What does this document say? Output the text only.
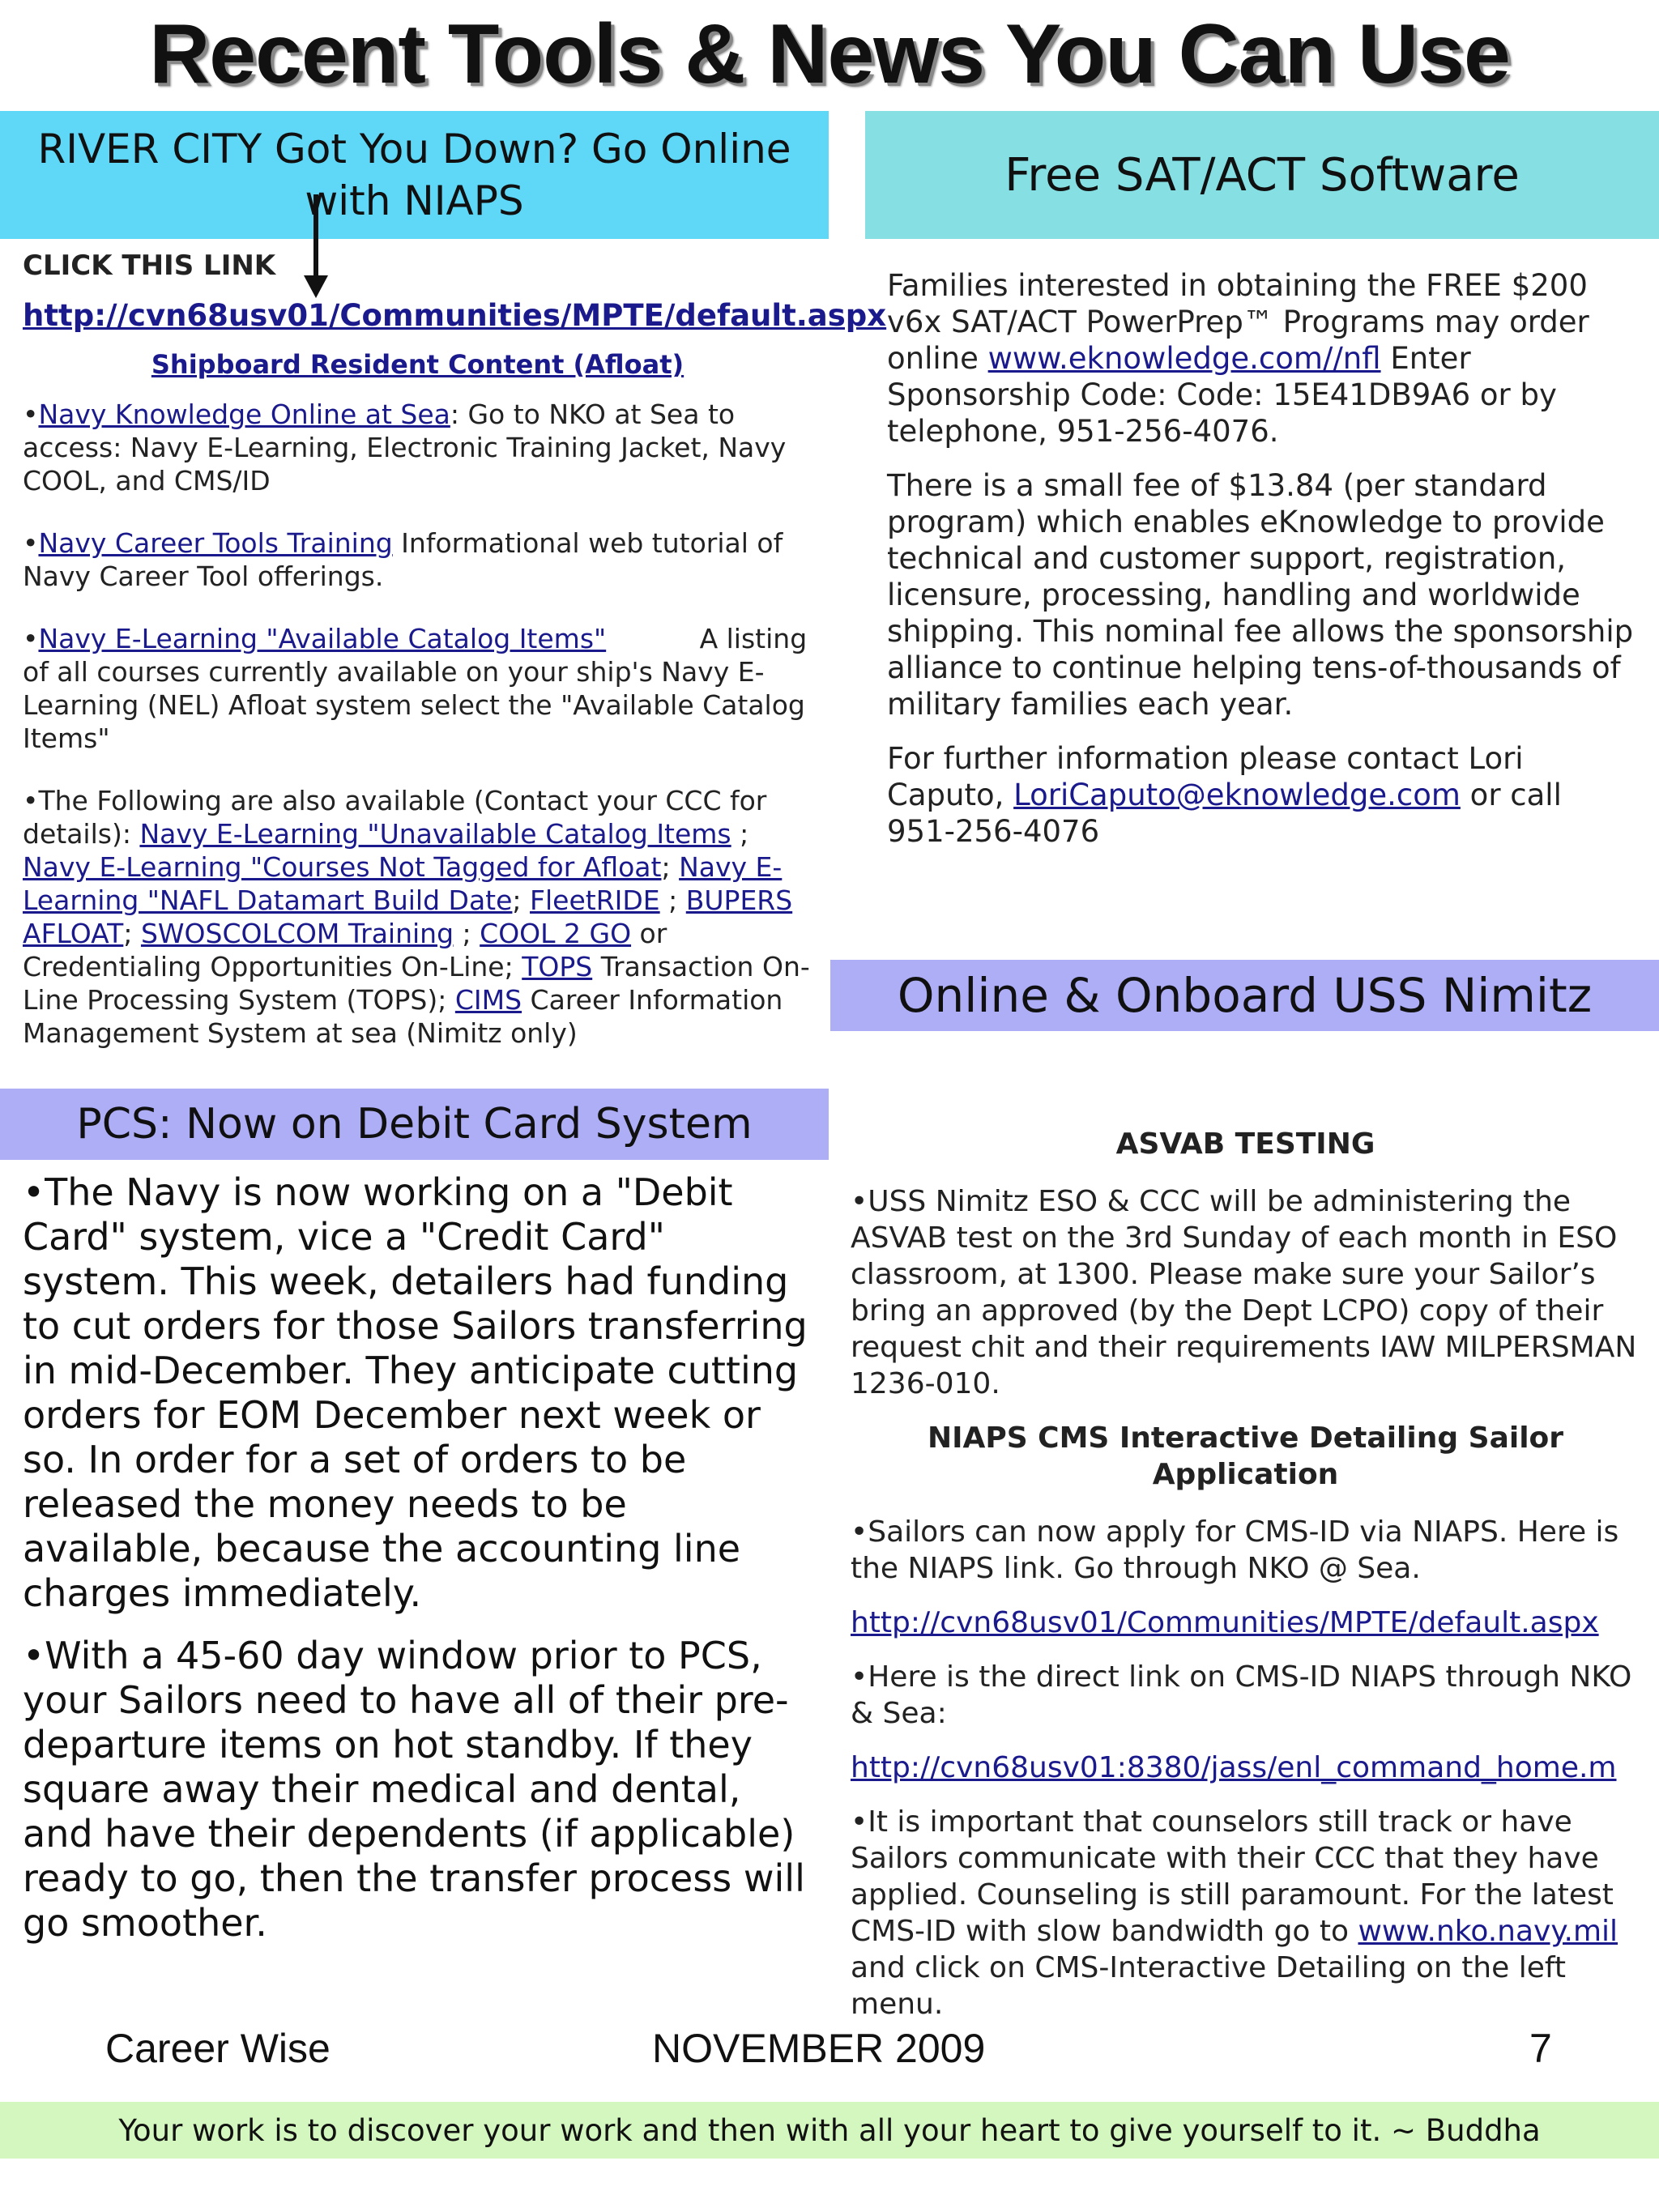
Recent Tools & News You Can Use
RIVER CITY Got You Down? Go Online with NIAPS
CLICK THIS LINK
http://cvn68usv01/Communities/MPTE/default.aspx
Shipboard Resident Content (Afloat)

•Navy Knowledge Online at Sea: Go to NKO at Sea to access: Navy E-Learning, Electronic Training Jacket, Navy COOL, and CMS/ID

•Navy Career Tools Training Informational web tutorial of Navy Career Tool offerings.

•Navy E-Learning "Available Catalog Items"           A listing of all courses currently available on your ship's Navy E-Learning (NEL) Afloat system select the "Available Catalog Items"

•The Following are also available (Contact your CCC for details): Navy E-Learning "Unavailable Catalog Items ; Navy E-Learning "Courses Not Tagged for Afloat; Navy E-Learning "NAFL Datamart Build Date; FleetRIDE ; BUPERS AFLOAT; SWOSCOLCOM Training ; COOL 2 GO or Credentialing Opportunities On-Line; TOPS Transaction On-Line Processing System (TOPS); CIMS Career Information Management System at sea (Nimitz only)

Free SAT/ACT Software

Families interested in obtaining the FREE $200 v6x SAT/ACT PowerPrep™ Programs may order online www.eknowledge.com//nfl Enter Sponsorship Code: Code: 15E41DB9A6 or by telephone, 951-256-4076.

There is a small fee of $13.84 (per standard program) which enables eKnowledge to provide technical and customer support, registration, licensure, processing, handling and worldwide shipping. This nominal fee allows the sponsorship alliance to continue helping tens-of-thousands of military families each year.

For further information please contact Lori Caputo, LoriCaputo@eknowledge.com or call 951-256-4076

Online & Onboard USS Nimitz
ASVAB TESTING

•USS Nimitz ESO & CCC will be administering the ASVAB test on the 3rd Sunday of each month in ESO classroom, at 1300. Please make sure your Sailor’s bring an approved (by the Dept LCPO) copy of their request chit and their requirements IAW MILPERSMAN 1236-010.

NIAPS CMS Interactive Detailing Sailor Application

•Sailors can now apply for CMS-ID via NIAPS. Here is the NIAPS link. Go through NKO @ Sea.

http://cvn68usv01/Communities/MPTE/default.aspx

•Here is the direct link on CMS-ID NIAPS through NKO & Sea:

http://cvn68usv01:8380/jass/enl_command_home.m

•It is important that counselors still track or have Sailors communicate with their CCC that they have applied. Counseling is still paramount. For the latest CMS-ID with slow bandwidth go to www.nko.navy.mil and click on CMS-Interactive Detailing on the left menu.

PCS: Now on Debit Card System

•The Navy is now working on a "Debit Card" system, vice a "Credit Card" system. This week, detailers had funding to cut orders for those Sailors transferring in mid-December. They anticipate cutting orders for EOM December next week or so. In order for a set of orders to be released the money needs to be available, because the accounting line charges immediately.

•With a 45-60 day window prior to PCS, your Sailors need to have all of their pre-departure items on hot standby. If they square away their medical and dental, and have their dependents (if applicable) ready to go, then the transfer process will go smoother.

Career Wise	NOVEMBER 2009	7
Your work is to discover your work and then with all your heart to give yourself to it. ~ Buddha
